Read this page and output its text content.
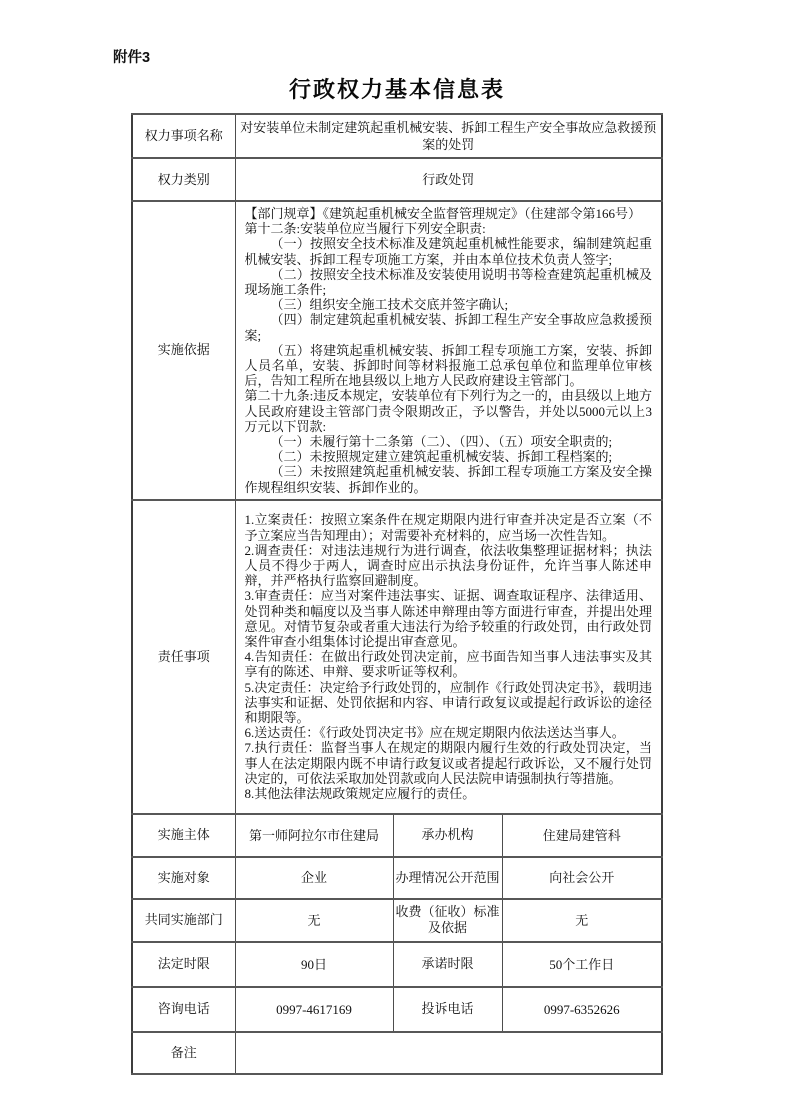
附件3
行政权力基本信息表
权力事项名称	对安装单位未制定建筑起重机械安装、拆卸工程生产安全事故应急救援预案的处罚		
权力类别	行政处罚		
实施依据	
【部门规章】《建筑起重机械安全监督管理规定》（住建部令第166号）
第十二条:安装单位应当履行下列安全职责:
（一）按照安全技术标准及建筑起重机械性能要求，编制建筑起重机械安装、拆卸工程专项施工方案，并由本单位技术负责人签字;
（二）按照安全技术标准及安装使用说明书等检查建筑起重机械及现场施工条件;
（三）组织安全施工技术交底并签字确认;
（四）制定建筑起重机械安装、拆卸工程生产安全事故应急救援预案;
（五）将建筑起重机械安装、拆卸工程专项施工方案，安装、拆卸人员名单，安装、拆卸时间等材料报施工总承包单位和监理单位审核后，告知工程所在地县级以上地方人民政府建设主管部门。
第二十九条:违反本规定，安装单位有下列行为之一的，由县级以上地方人民政府建设主管部门责令限期改正，予以警告，并处以5000元以上3万元以下罚款:
（一）未履行第十二条第（二）、（四）、（五）项安全职责的;
（二）未按照规定建立建筑起重机械安装、拆卸工程档案的;
（三）未按照建筑起重机械安装、拆卸工程专项施工方案及安全操作规程组织安装、拆卸作业的。

责任事项	
1.立案责任：按照立案条件在规定期限内进行审查并决定是否立案（不予立案应当告知理由）；对需要补充材料的，应当场一次性告知。
2.调查责任：对违法违规行为进行调查，依法收集整理证据材料；执法人员不得少于两人，调查时应出示执法身份证件，允许当事人陈述申辩，并严格执行监察回避制度。
3.审查责任：应当对案件违法事实、证据、调查取证程序、法律适用、处罚种类和幅度以及当事人陈述申辩理由等方面进行审查，并提出处理意见。对情节复杂或者重大违法行为给予较重的行政处罚，由行政处罚案件审查小组集体讨论提出审查意见。
4.告知责任：在做出行政处罚决定前，应书面告知当事人违法事实及其享有的陈述、申辩、要求听证等权利。
5.决定责任：决定给予行政处罚的，应制作《行政处罚决定书》，载明违法事实和证据、处罚依据和内容、申请行政复议或提起行政诉讼的途径和期限等。
6.送达责任：《行政处罚决定书》应在规定期限内依法送达当事人。
7.执行责任：监督当事人在规定的期限内履行生效的行政处罚决定，当事人在法定期限内既不申请行政复议或者提起行政诉讼，又不履行处罚决定的，可依法采取加处罚款或向人民法院申请强制执行等措施。
8.其他法律法规政策规定应履行的责任。

实施主体	第一师阿拉尔市住建局	承办机构	住建局建管科
实施对象	企业	办理情况公开范围	向社会公开
共同实施部门	无	收费（征收）标准及依据	无
法定时限	90日	承诺时限	50个工作日
咨询电话	0997-4617169	投诉电话	0997-6352626
备注			
